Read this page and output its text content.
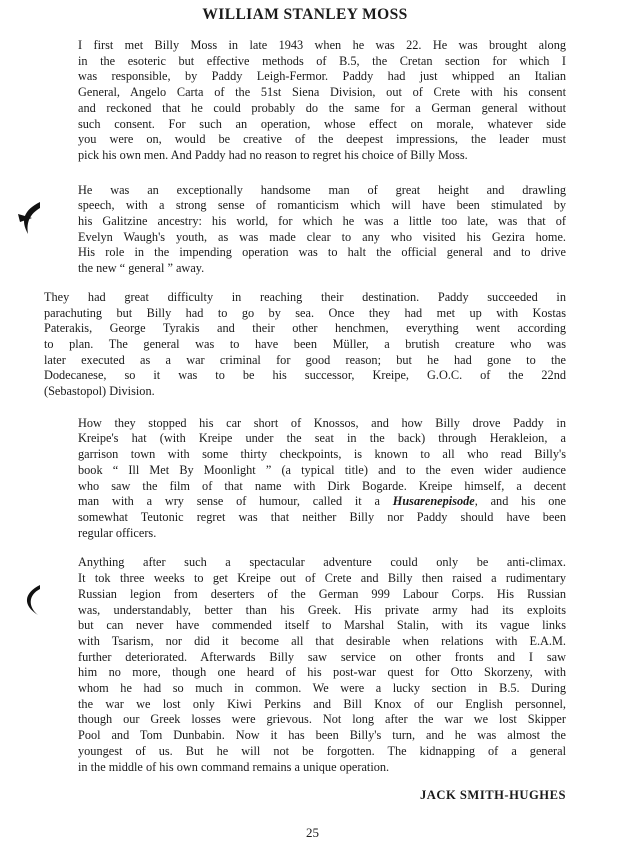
WILLIAM STANLEY MOSS
I first met Billy Moss in late 1943 when he was 22. He was brought along
in the esoteric but effective methods of B.5, the Cretan section for which I
was responsible, by Paddy Leigh-Fermor. Paddy had just whipped an Italian
General, Angelo Carta of the 51st Siena Division, out of Crete with his consent
and reckoned that he could probably do the same for a German general without
such consent. For such an operation, whose effect on morale, whatever side
you were on, would be creative of the deepest impressions, the leader must
pick his own men. And Paddy had no reason to regret his choice of Billy Moss.
He was an exceptionally handsome man of great height and drawling
speech, with a strong sense of romanticism which will have been stimulated by
his Galitzine ancestry: his world, for which he was a little too late, was that of
Evelyn Waugh's youth, as was made clear to any who visited his Gezira home.
His role in the impending operation was to halt the official general and to drive
the new “ general ” away.
They had great difficulty in reaching their destination. Paddy succeeded in
parachuting but Billy had to go by sea. Once they had met up with Kostas
Paterakis, George Tyrakis and their other henchmen, everything went according
to plan. The general was to have been Müller, a brutish creature who was
later executed as a war criminal for good reason; but he had gone to the
Dodecanese, so it was to be his successor, Kreipe, G.O.C. of the 22nd
(Sebastopol) Division.
How they stopped his car short of Knossos, and how Billy drove Paddy in
Kreipe's hat (with Kreipe under the seat in the back) through Herakleion, a
garrison town with some thirty checkpoints, is known to all who read Billy's
book “ Ill Met By Moonlight ” (a typical title) and to the even wider audience
who saw the film of that name with Dirk Bogarde. Kreipe himself, a decent
man with a wry sense of humour, called it a Husarenepisode, and his one
somewhat Teutonic regret was that neither Billy nor Paddy should have been
regular officers.
Anything after such a spectacular adventure could only be anti-climax.
It tok three weeks to get Kreipe out of Crete and Billy then raised a rudimentary
Russian legion from deserters of the German 999 Labour Corps. His Russian
was, understandably, better than his Greek. His private army had its exploits
but can never have commended itself to Marshal Stalin, with its vague links
with Tsarism, nor did it become all that desirable when relations with E.A.M.
further deteriorated. Afterwards Billy saw service on other fronts and I saw
him no more, though one heard of his post-war quest for Otto Skorzeny, with
whom he had so much in common. We were a lucky section in B.5. During
the war we lost only Kiwi Perkins and Bill Knox of our English personnel,
though our Greek losses were grievous. Not long after the war we lost Skipper
Pool and Tom Dunbabin. Now it has been Billy's turn, and he was almost the
youngest of us. But he will not be forgotten. The kidnapping of a general
in the middle of his own command remains a unique operation.
JACK SMITH-HUGHES
25
